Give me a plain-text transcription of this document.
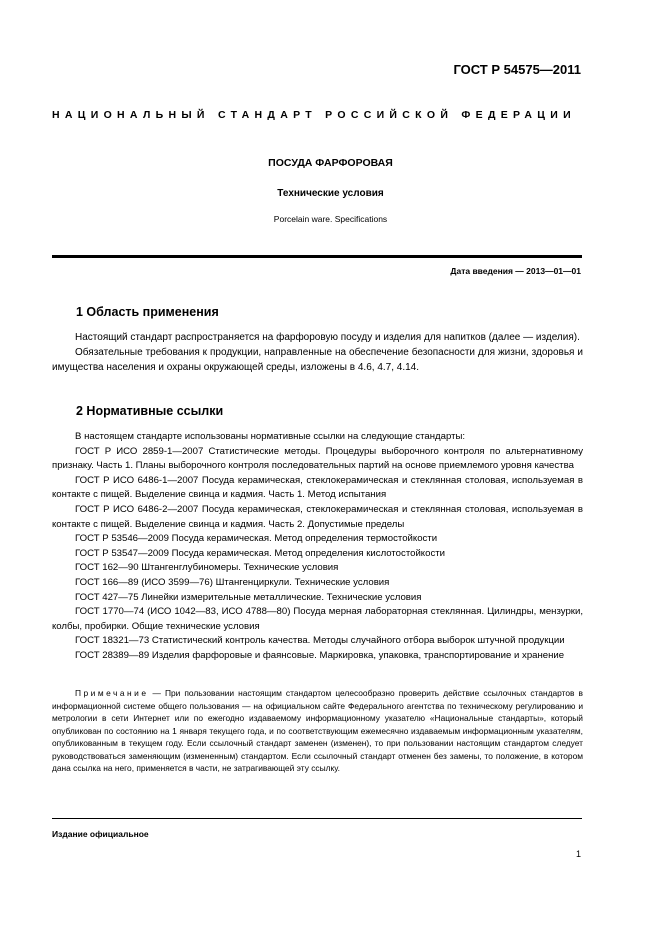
ГОСТ Р 54575—2011
НАЦИОНАЛЬНЫЙ СТАНДАРТ РОССИЙСКОЙ ФЕДЕРАЦИИ
ПОСУДА ФАРФОРОВАЯ
Технические условия
Porcelain ware. Specifications
Дата введения — 2013—01—01
1 Область применения

Настоящий стандарт распространяется на фарфоровую посуду и изделия для напитков (далее — изделия).

Обязательные требования к продукции, направленные на обеспечение безопасности для жизни, здоровья и имущества населения и охраны окружающей среды, изложены в 4.6, 4.7, 4.14.

2 Нормативные ссылки

В настоящем стандарте использованы нормативные ссылки на следующие стандарты:

ГОСТ Р ИСО 2859-1—2007 Статистические методы. Процедуры выборочного контроля по альтернативному признаку. Часть 1. Планы выборочного контроля последовательных партий на основе приемлемого уровня качества

ГОСТ Р ИСО 6486-1—2007 Посуда керамическая, стеклокерамическая и стеклянная столовая, используемая в контакте с пищей. Выделение свинца и кадмия. Часть 1. Метод испытания

ГОСТ Р ИСО 6486-2—2007 Посуда керамическая, стеклокерамическая и стеклянная столовая, используемая в контакте с пищей. Выделение свинца и кадмия. Часть 2. Допустимые пределы

ГОСТ Р 53546—2009 Посуда керамическая. Метод определения термостойкости

ГОСТ Р 53547—2009 Посуда керамическая. Метод определения кислотостойкости

ГОСТ 162—90 Штангенглубиномеры. Технические условия

ГОСТ 166—89 (ИСО 3599—76) Штангенциркули. Технические условия

ГОСТ 427—75 Линейки измерительные металлические. Технические условия

ГОСТ 1770—74 (ИСО 1042—83, ИСО 4788—80) Посуда мерная лабораторная стеклянная. Цилиндры, мензурки, колбы, пробирки. Общие технические условия

ГОСТ 18321—73 Статистический контроль качества. Методы случайного отбора выборок штучной продукции

ГОСТ 28389—89 Изделия фарфоровые и фаянсовые. Маркировка, упаковка, транспортирование и хранение

Примечание — При пользовании настоящим стандартом целесообразно проверить действие ссылочных стандартов в информационной системе общего пользования — на официальном сайте Федерального агентства по техническому регулированию и метрологии в сети Интернет или по ежегодно издаваемому информационному указателю «Национальные стандарты», который опубликован по состоянию на 1 января текущего года, и по соответствующим ежемесячно издаваемым информационным указателям, опубликованным в текущем году. Если ссылочный стандарт заменен (изменен), то при пользовании настоящим стандартом следует руководствоваться заменяющим (измененным) стандартом. Если ссылочный стандарт отменен без замены, то положение, в котором дана ссылка на него, применяется в части, не затрагивающей эту ссылку.

Издание официальное
1
